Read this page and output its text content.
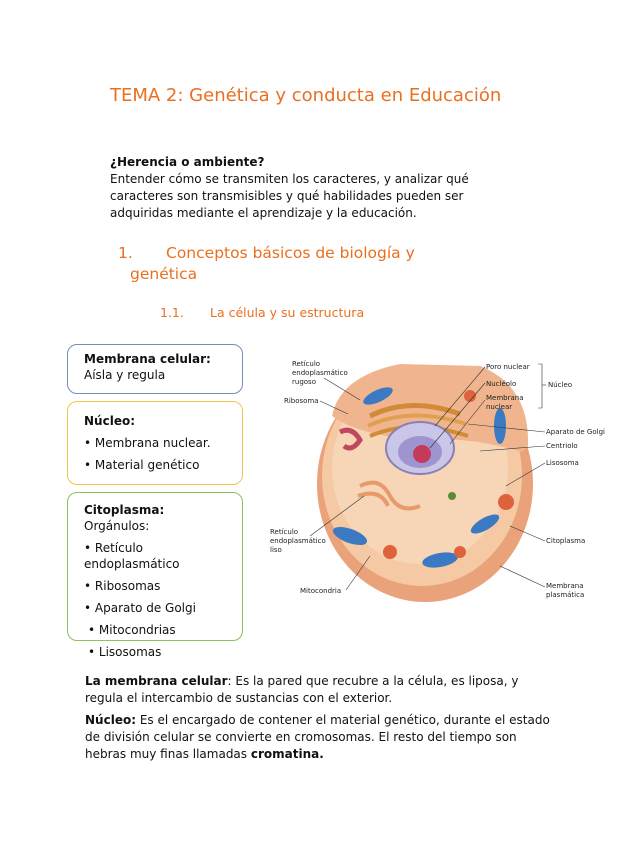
TEMA 2: Genética y conducta en Educación
¿Herencia o ambiente?
Entender cómo se transmiten los caracteres, y analizar qué caracteres son transmisibles y qué habilidades pueden ser adquiridas mediante el aprendizaje y la educación.
1. Conceptos básicos de biología y
genética
1.1. La célula y su estructura
Membrana celular:
Aísla y regula
Núcleo:
• Membrana nuclear.
• Material genético
Citoplasma: Orgánulos:
• Retículo endoplasmático
• Ribosomas
• Aparato de Golgi
• Mitocondrias
• Lisosomas
Retículo
endoplasmático
rugoso
Ribosoma
Poro nuclear
Nucléolo
Membrana
nuclear
Núcleo
Aparato de Golgi
Centriolo
Lisosoma
Retículo
endoplasmático
liso
Citoplasma
Mitocondria
Membrana
plasmática
La membrana celular: Es la pared que recubre a la célula, es liposa, y regula el intercambio de sustancias con el exterior.
Núcleo: Es el encargado de contener el material genético, durante el estado de división celular se convierte en cromosomas. El resto del tiempo son hebras muy finas llamadas cromatina.
